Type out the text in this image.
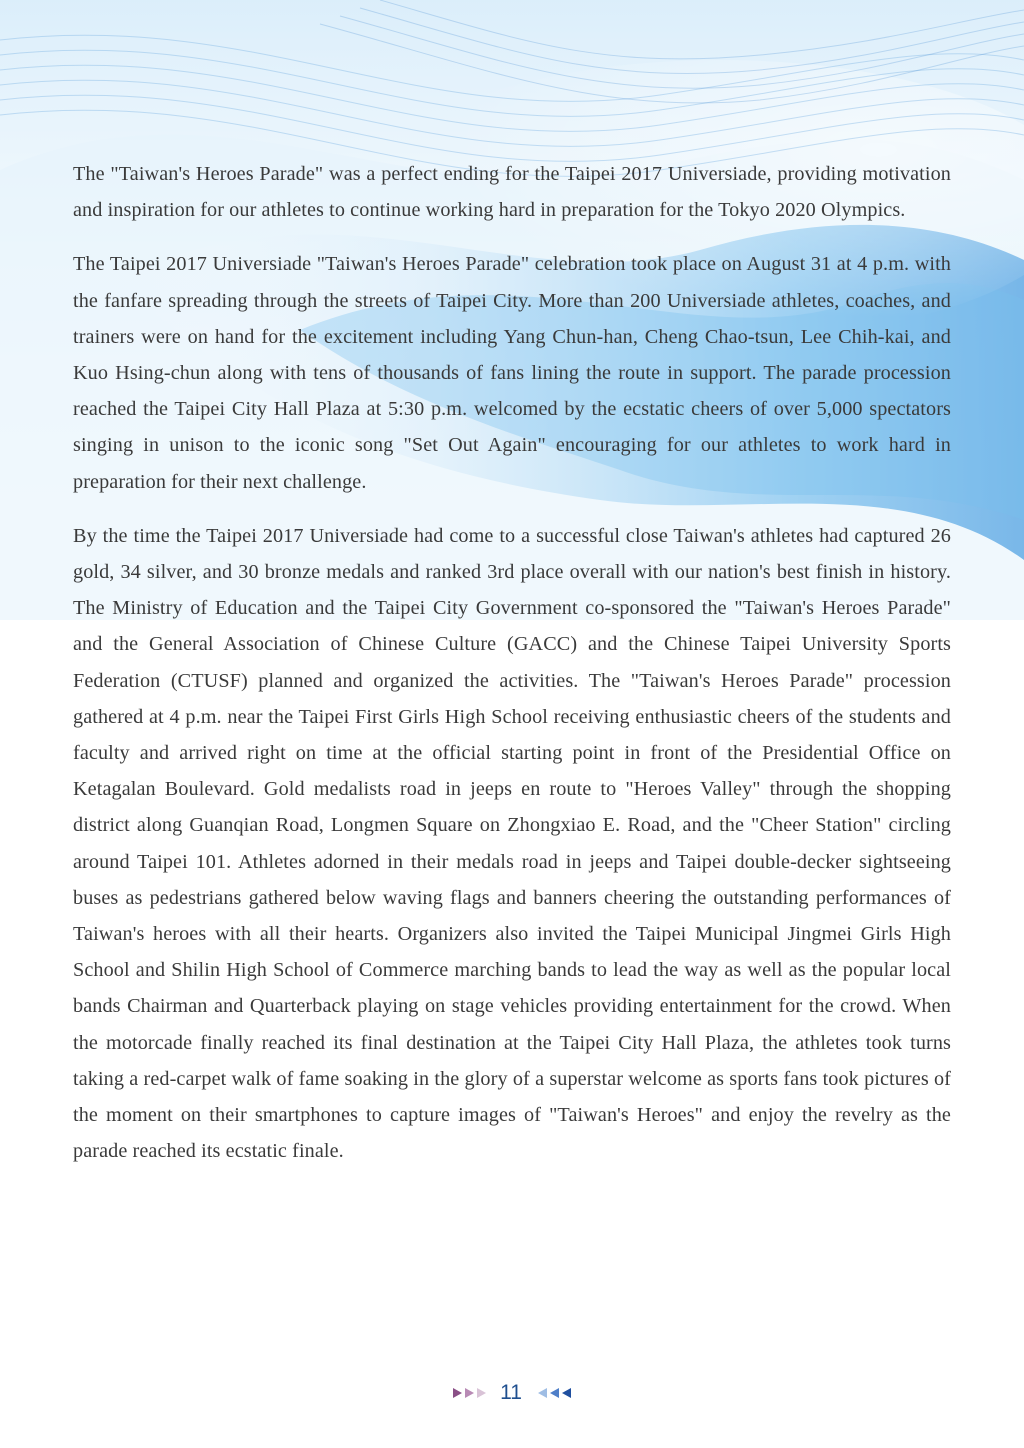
The "Taiwan's Heroes Parade" was a perfect ending for the Taipei 2017 Universiade, providing motivation and inspiration for our athletes to continue working hard in preparation for the Tokyo 2020 Olympics.

The Taipei 2017 Universiade "Taiwan's Heroes Parade" celebration took place on August 31 at 4 p.m. with the fanfare spreading through the streets of Taipei City. More than 200 Universiade athletes, coaches, and trainers were on hand for the excitement including Yang Chun-han, Cheng Chao-tsun, Lee Chih-kai, and Kuo Hsing-chun along with tens of thousands of fans lining the route in support. The parade procession reached the Taipei City Hall Plaza at 5:30 p.m. welcomed by the ecstatic cheers of over 5,000 spectators singing in unison to the iconic song "Set Out Again" encouraging for our athletes to work hard in preparation for their next challenge.

By the time the Taipei 2017 Universiade had come to a successful close Taiwan's athletes had captured 26 gold, 34 silver, and 30 bronze medals and ranked 3rd place overall with our nation's best finish in history. The Ministry of Education and the Taipei City Government co-sponsored the "Taiwan's Heroes Parade" and the General Association of Chinese Culture (GACC) and the Chinese Taipei University Sports Federation (CTUSF) planned and organized the activities. The "Taiwan's Heroes Parade" procession gathered at 4 p.m. near the Taipei First Girls High School receiving enthusiastic cheers of the students and faculty and arrived right on time at the official starting point in front of the Presidential Office on Ketagalan Boulevard. Gold medalists road in jeeps en route to "Heroes Valley" through the shopping district along Guanqian Road, Longmen Square on Zhongxiao E. Road, and the "Cheer Station" circling around Taipei 101. Athletes adorned in their medals road in jeeps and Taipei double-decker sightseeing buses as pedestrians gathered below waving flags and banners cheering the outstanding performances of Taiwan's heroes with all their hearts. Organizers also invited the Taipei Municipal Jingmei Girls High School and Shilin High School of Commerce marching bands to lead the way as well as the popular local bands Chairman and Quarterback playing on stage vehicles providing entertainment for the crowd. When the motorcade finally reached its final destination at the Taipei City Hall Plaza, the athletes took turns taking a red-carpet walk of fame soaking in the glory of a superstar welcome as sports fans took pictures of the moment on their smartphones to capture images of "Taiwan's Heroes" and enjoy the revelry as the parade reached its ecstatic finale.

11
